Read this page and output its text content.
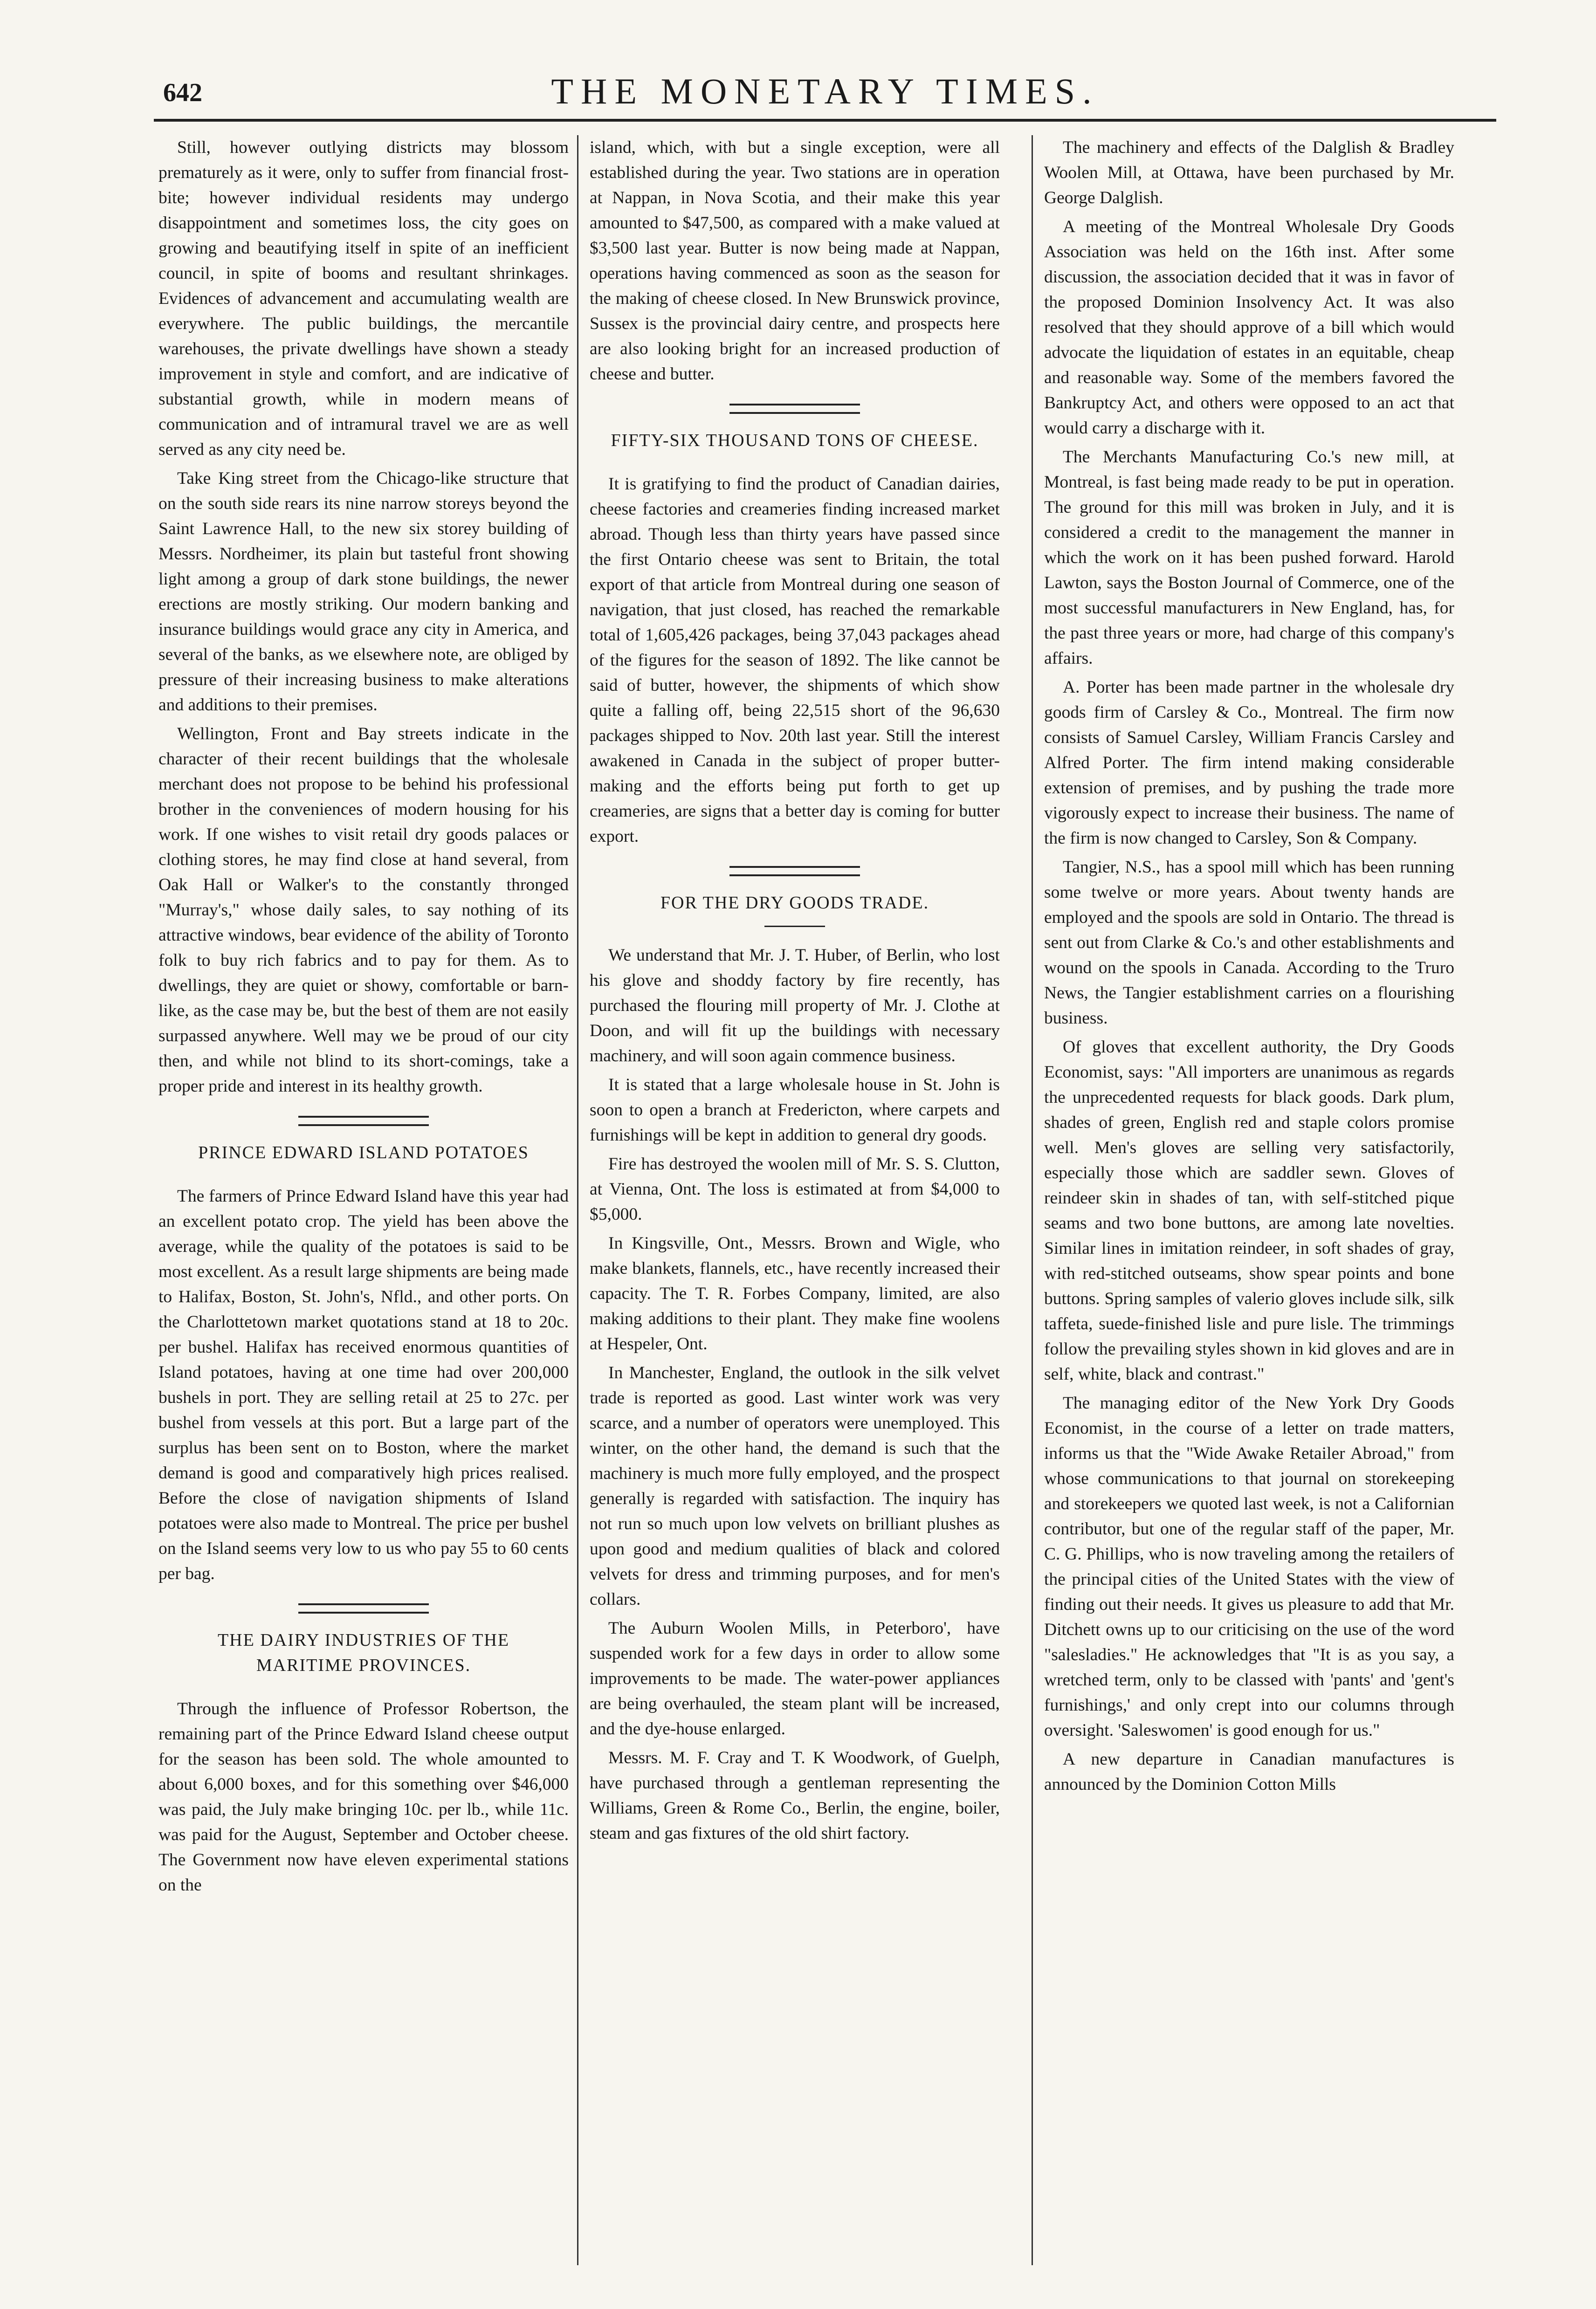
642	THE MONETARY TIMES.

Still, however outlying districts may blossom prematurely as it were, only to suffer from financial frost-bite; however individual residents may undergo disappointment and sometimes loss, the city goes on growing and beautifying itself in spite of an inefficient council, in spite of booms and resultant shrinkages. Evidences of advancement and accumulating wealth are everywhere. The public buildings, the mercantile warehouses, the private dwellings have shown a steady improvement in style and comfort, and are indicative of substantial growth, while in modern means of communication and of intramural travel we are as well served as any city need be.

Take King street from the Chicago-like structure that on the south side rears its nine narrow storeys beyond the Saint Lawrence Hall, to the new six storey building of Messrs. Nordheimer, its plain but tasteful front showing light among a group of dark stone buildings, the newer erections are mostly striking. Our modern banking and insurance buildings would grace any city in America, and several of the banks, as we elsewhere note, are obliged by pressure of their increasing business to make alterations and additions to their premises.

Wellington, Front and Bay streets indicate in the character of their recent buildings that the wholesale merchant does not propose to be behind his professional brother in the conveniences of modern housing for his work. If one wishes to visit retail dry goods palaces or clothing stores, he may find close at hand several, from Oak Hall or Walker's to the constantly thronged "Murray's," whose daily sales, to say nothing of its attractive windows, bear evidence of the ability of Toronto folk to buy rich fabrics and to pay for them. As to dwellings, they are quiet or showy, comfortable or barn-like, as the case may be, but the best of them are not easily surpassed anywhere. Well may we be proud of our city then, and while not blind to its short-comings, take a proper pride and interest in its healthy growth.

PRINCE EDWARD ISLAND POTATOES

The farmers of Prince Edward Island have this year had an excellent potato crop. The yield has been above the average, while the quality of the potatoes is said to be most excellent. As a result large shipments are being made to Halifax, Boston, St. John's, Nfld., and other ports. On the Charlottetown market quotations stand at 18 to 20c. per bushel. Halifax has received enormous quantities of Island potatoes, having at one time had over 200,000 bushels in port. They are selling retail at 25 to 27c. per bushel from vessels at this port. But a large part of the surplus has been sent on to Boston, where the market demand is good and comparatively high prices realised. Before the close of navigation shipments of Island potatoes were also made to Montreal. The price per bushel on the Island seems very low to us who pay 55 to 60 cents per bag.

THE DAIRY INDUSTRIES OF THE MARITIME PROVINCES.

Through the influence of Professor Robertson, the remaining part of the Prince Edward Island cheese output for the season has been sold. The whole amounted to about 6,000 boxes, and for this something over $46,000 was paid, the July make bringing 10c. per lb., while 11c. was paid for the August, September and October cheese. The Government now have eleven experimental stations on the

island, which, with but a single exception, were all established during the year. Two stations are in operation at Nappan, in Nova Scotia, and their make this year amounted to $47,500, as compared with a make valued at $3,500 last year. Butter is now being made at Nappan, operations having commenced as soon as the season for the making of cheese closed. In New Brunswick province, Sussex is the provincial dairy centre, and prospects here are also looking bright for an increased production of cheese and butter.

FIFTY-SIX THOUSAND TONS OF CHEESE.

It is gratifying to find the product of Canadian dairies, cheese factories and creameries finding increased market abroad. Though less than thirty years have passed since the first Ontario cheese was sent to Britain, the total export of that article from Montreal during one season of navigation, that just closed, has reached the remarkable total of 1,605,426 packages, being 37,043 packages ahead of the figures for the season of 1892. The like cannot be said of butter, however, the shipments of which show quite a falling off, being 22,515 short of the 96,630 packages shipped to Nov. 20th last year. Still the interest awakened in Canada in the subject of proper butter-making and the efforts being put forth to get up creameries, are signs that a better day is coming for butter export.

FOR THE DRY GOODS TRADE.

We understand that Mr. J. T. Huber, of Berlin, who lost his glove and shoddy factory by fire recently, has purchased the flouring mill property of Mr. J. Clothe at Doon, and will fit up the buildings with necessary machinery, and will soon again commence business.

It is stated that a large wholesale house in St. John is soon to open a branch at Fredericton, where carpets and furnishings will be kept in addition to general dry goods.

Fire has destroyed the woolen mill of Mr. S. S. Clutton, at Vienna, Ont. The loss is estimated at from $4,000 to $5,000.

In Kingsville, Ont., Messrs. Brown and Wigle, who make blankets, flannels, etc., have recently increased their capacity. The T. R. Forbes Company, limited, are also making additions to their plant. They make fine woolens at Hespeler, Ont.

In Manchester, England, the outlook in the silk velvet trade is reported as good. Last winter work was very scarce, and a number of operators were unemployed. This winter, on the other hand, the demand is such that the machinery is much more fully employed, and the prospect generally is regarded with satisfaction. The inquiry has not run so much upon low velvets on brilliant plushes as upon good and medium qualities of black and colored velvets for dress and trimming purposes, and for men's collars.

The Auburn Woolen Mills, in Peterboro', have suspended work for a few days in order to allow some improvements to be made. The water-power appliances are being overhauled, the steam plant will be increased, and the dye-house enlarged.

Messrs. M. F. Cray and T. K Woodwork, of Guelph, have purchased through a gentleman representing the Williams, Green & Rome Co., Berlin, the engine, boiler, steam and gas fixtures of the old shirt factory.

The machinery and effects of the Dalglish & Bradley Woolen Mill, at Ottawa, have been purchased by Mr. George Dalglish.

A meeting of the Montreal Wholesale Dry Goods Association was held on the 16th inst. After some discussion, the association decided that it was in favor of the proposed Dominion Insolvency Act. It was also resolved that they should approve of a bill which would advocate the liquidation of estates in an equitable, cheap and reasonable way. Some of the members favored the Bankruptcy Act, and others were opposed to an act that would carry a discharge with it.

The Merchants Manufacturing Co.'s new mill, at Montreal, is fast being made ready to be put in operation. The ground for this mill was broken in July, and it is considered a credit to the management the manner in which the work on it has been pushed forward. Harold Lawton, says the Boston Journal of Commerce, one of the most successful manufacturers in New England, has, for the past three years or more, had charge of this company's affairs.

A. Porter has been made partner in the wholesale dry goods firm of Carsley & Co., Montreal. The firm now consists of Samuel Carsley, William Francis Carsley and Alfred Porter. The firm intend making considerable extension of premises, and by pushing the trade more vigorously expect to increase their business. The name of the firm is now changed to Carsley, Son & Company.

Tangier, N.S., has a spool mill which has been running some twelve or more years. About twenty hands are employed and the spools are sold in Ontario. The thread is sent out from Clarke & Co.'s and other establishments and wound on the spools in Canada. According to the Truro News, the Tangier establishment carries on a flourishing business.

Of gloves that excellent authority, the Dry Goods Economist, says: "All importers are unanimous as regards the unprecedented requests for black goods. Dark plum, shades of green, English red and staple colors promise well. Men's gloves are selling very satisfactorily, especially those which are saddler sewn. Gloves of reindeer skin in shades of tan, with self-stitched pique seams and two bone buttons, are among late novelties. Similar lines in imitation reindeer, in soft shades of gray, with red-stitched outseams, show spear points and bone buttons. Spring samples of valerio gloves include silk, silk taffeta, suede-finished lisle and pure lisle. The trimmings follow the prevailing styles shown in kid gloves and are in self, white, black and contrast."

The managing editor of the New York Dry Goods Economist, in the course of a letter on trade matters, informs us that the "Wide Awake Retailer Abroad," from whose communications to that journal on storekeeping and storekeepers we quoted last week, is not a Californian contributor, but one of the regular staff of the paper, Mr. C. G. Phillips, who is now traveling among the retailers of the principal cities of the United States with the view of finding out their needs. It gives us pleasure to add that Mr. Ditchett owns up to our criticising on the use of the word "salesladies." He acknowledges that "It is as you say, a wretched term, only to be classed with 'pants' and 'gent's furnishings,' and only crept into our columns through oversight. 'Saleswomen' is good enough for us."

A new departure in Canadian manufactures is announced by the Dominion Cotton Mills
